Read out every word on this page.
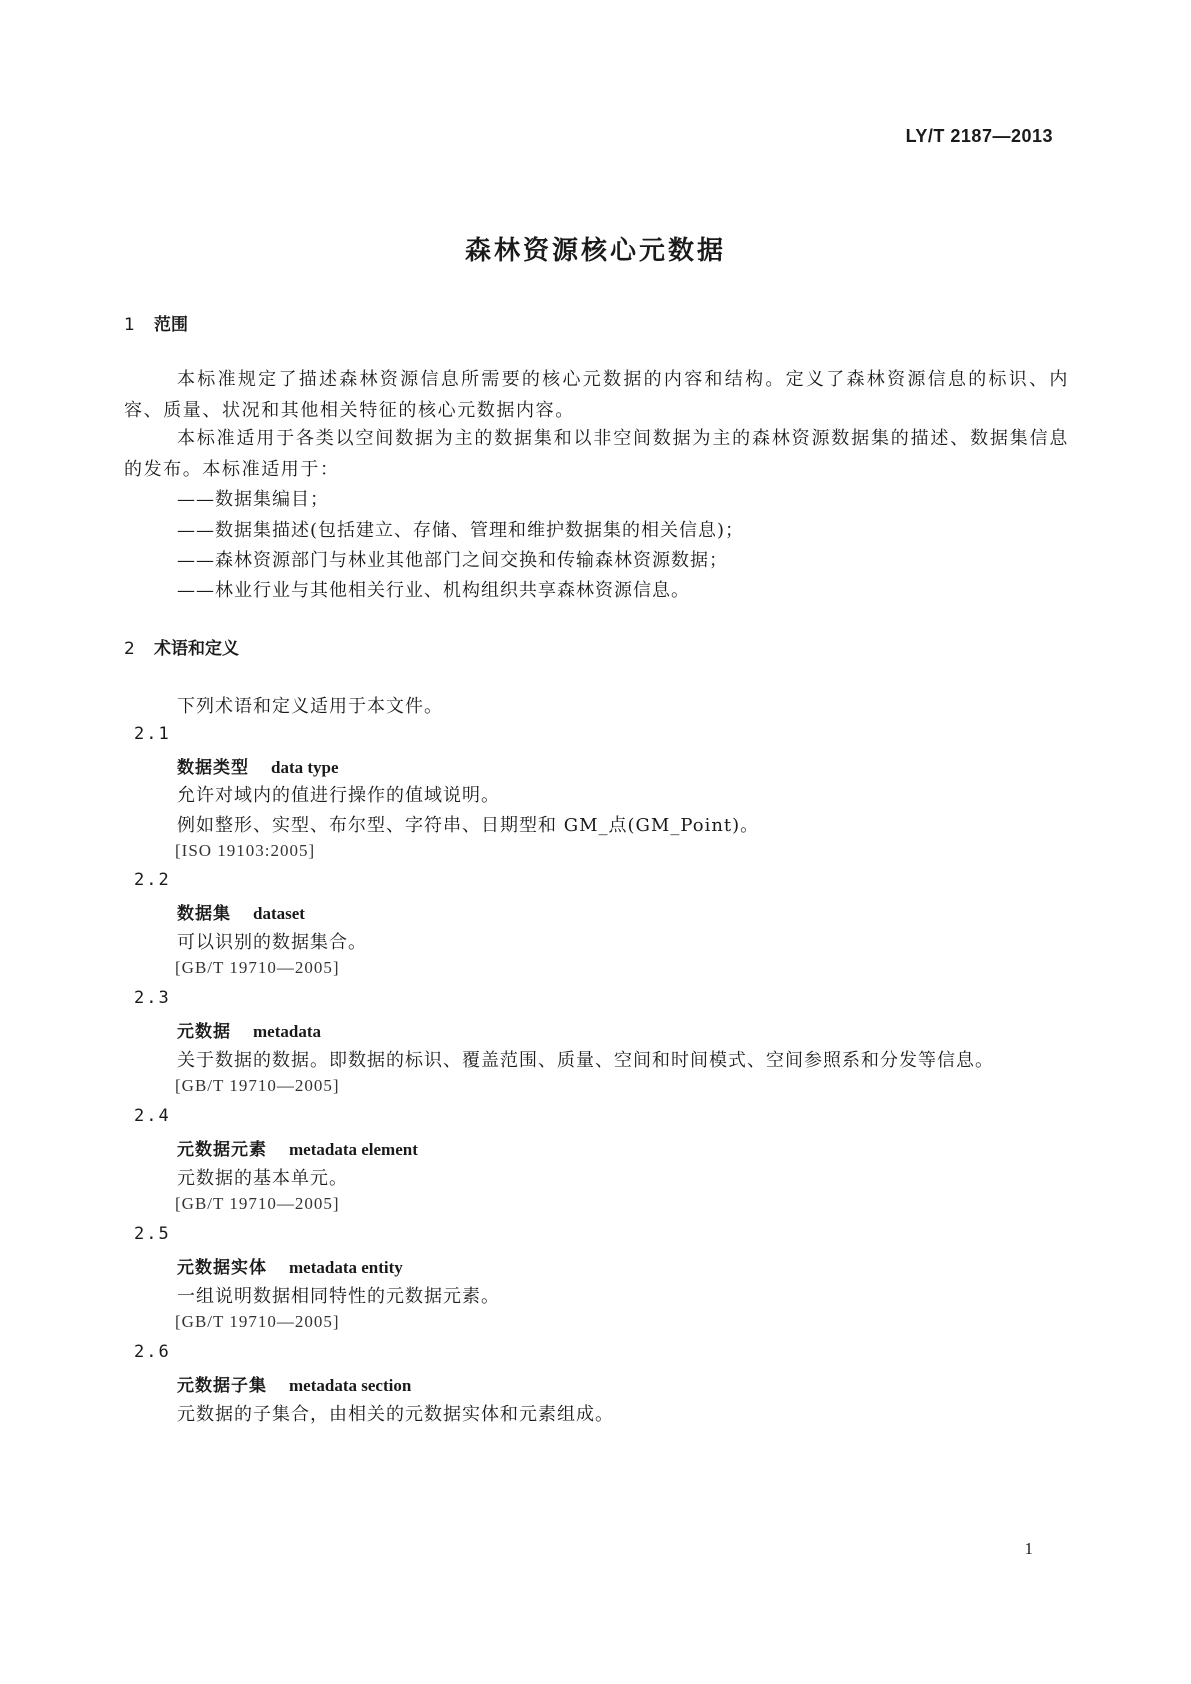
LY/T 2187—2013
森林资源核心元数据
1 范围
本标准规定了描述森林资源信息所需要的核心元数据的内容和结构。定义了森林资源信息的标识、内容、质量、状况和其他相关特征的核心元数据内容。
本标准适用于各类以空间数据为主的数据集和以非空间数据为主的森林资源数据集的描述、数据集信息的发布。本标准适用于：
——数据集编目；
——数据集描述(包括建立、存储、管理和维护数据集的相关信息)；
——森林资源部门与林业其他部门之间交换和传输森林资源数据；
——林业行业与其他相关行业、机构组织共享森林资源信息。
2 术语和定义
下列术语和定义适用于本文件。
2.1
数据类型 data type
允许对域内的值进行操作的值域说明。
例如整形、实型、布尔型、字符串、日期型和 GM_点(GM_Point)。
[ISO 19103:2005]
2.2
数据集 dataset
可以识别的数据集合。
[GB/T 19710—2005]
2.3
元数据 metadata
关于数据的数据。即数据的标识、覆盖范围、质量、空间和时间模式、空间参照系和分发等信息。
[GB/T 19710—2005]
2.4
元数据元素 metadata element
元数据的基本单元。
[GB/T 19710—2005]
2.5
元数据实体 metadata entity
一组说明数据相同特性的元数据元素。
[GB/T 19710—2005]
2.6
元数据子集 metadata section
元数据的子集合，由相关的元数据实体和元素组成。
1
